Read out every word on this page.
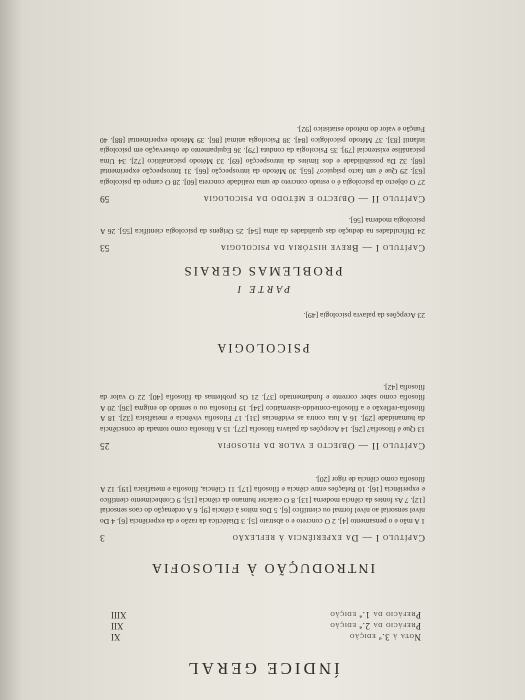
ÍNDICE GERAL
Nota à 3.ª edição
XI
Prefácio da 2.ª edição
XII
Prefácio da 1.ª edição
XIII
INTRODUÇÃO À FILOSOFIA
Capítulo I — Da experiência à reflexão
3
1 A mão e o pensamento [4]. 2 O concreto e o abstrato [5]. 3 Dialéctica da razão e da experiência [6]. 4 Do nível sensorial ao nível formal ou científico [6]. 5 Dos mitos à ciência [9]. 6 A ordenação do caos sensorial [12]. 7 As fontes da ciência moderna [13]. 8 O carácter humano da ciência [15]. 9 Conhecimento científico e experiência [16]. 10 Relações entre ciência e filosofia [17]. 11 Ciência, filosofia e metafísica [19]. 12 A filosofia como ciência de rigor [20].
Capítulo II — Objecto e valor da filosofia
25
13 Que é filosofia? [26]. 14 Acepções da palavra filosofia [27]. 15 A filosofia como tomada de consciência da humanidade [29]. 16 A luta contra as evidências [31]. 17 Filosofia vivência e metafísica [32]. 18 A filosofia-reflexão e a filosofia-conteúdo-sistemático [34]. 19 Filosofia ou o sentido do enigma [36]. 20 A filosofia como saber corrente e fundamentado [37]. 21 Os problemas da filosofia [40]. 22 O valor da filosofia [42].
PSICOLOGIA
23 Acepções da palavra psicologia [49].
PARTE I
PROBLEMAS GERAIS
Capítulo I — Breve história da psicologia
53
24 Dificuldades na dedução das qualidades da alma [54]. 25 Origens da psicologia científica [55]. 26 A psicologia moderna [56].
Capítulo II — Objecto e método da psicologia
59
27 O objecto da psicologia é o estudo concreto de uma realidade concreta [60]. 28 O campo da psicologia [63]. 29 Que é um facto psíquico? [65]. 30 Método da introspecção [66]. 31 Introspecção experimental [68]. 32 Da possibilidade e dos limites da introspecção [69]. 33 Método psicanalítico [72]. 34 Uma psicanálise existencial [79]. 35 Psicologia da conduta [79]. 36 Equipamento de observação em psicologia infantil [83]. 37 Método psicológico [84]. 38 Psicologia animal [86]. 39 Método experimental [88]. 40 Função e valor do método estatístico [92].
